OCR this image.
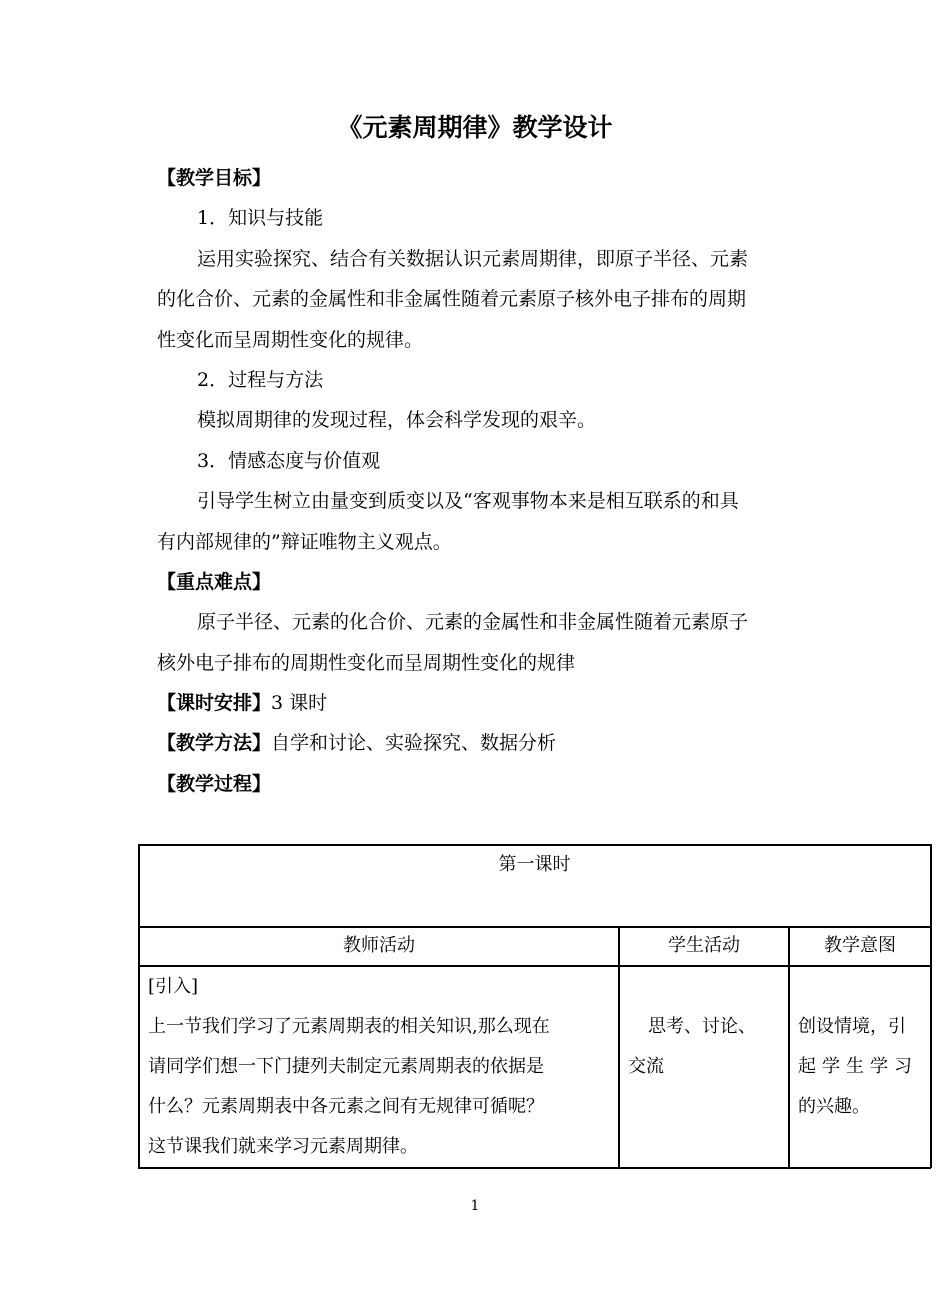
《元素周期律》教学设计
【教学目标】
1．知识与技能
运用实验探究、结合有关数据认识元素周期律，即原子半径、元素
的化合价、元素的金属性和非金属性随着元素原子核外电子排布的周期
性变化而呈周期性变化的规律。
2．过程与方法
模拟周期律的发现过程，体会科学发现的艰辛。
3．情感态度与价值观
引导学生树立由量变到质变以及“客观事物本来是相互联系的和具
有内部规律的”辩证唯物主义观点。
【重点难点】
原子半径、元素的化合价、元素的金属性和非金属性随着元素原子
核外电子排布的周期性变化而呈周期性变化的规律
【课时安排】3 课时
【教学方法】自学和讨论、实验探究、数据分析
【教学过程】
第一课时
教师活动	学生活动	教学意图
[引入]
上一节我们学习了元素周期表的相关知识,那么现在
请同学们想一下门捷列夫制定元素周期表的依据是
什么？元素周期表中各元素之间有无规律可循呢？
这节课我们就来学习元素周期律。
思考、讨论、
交流
创设情境，引
起学生学习
的兴趣。
1
